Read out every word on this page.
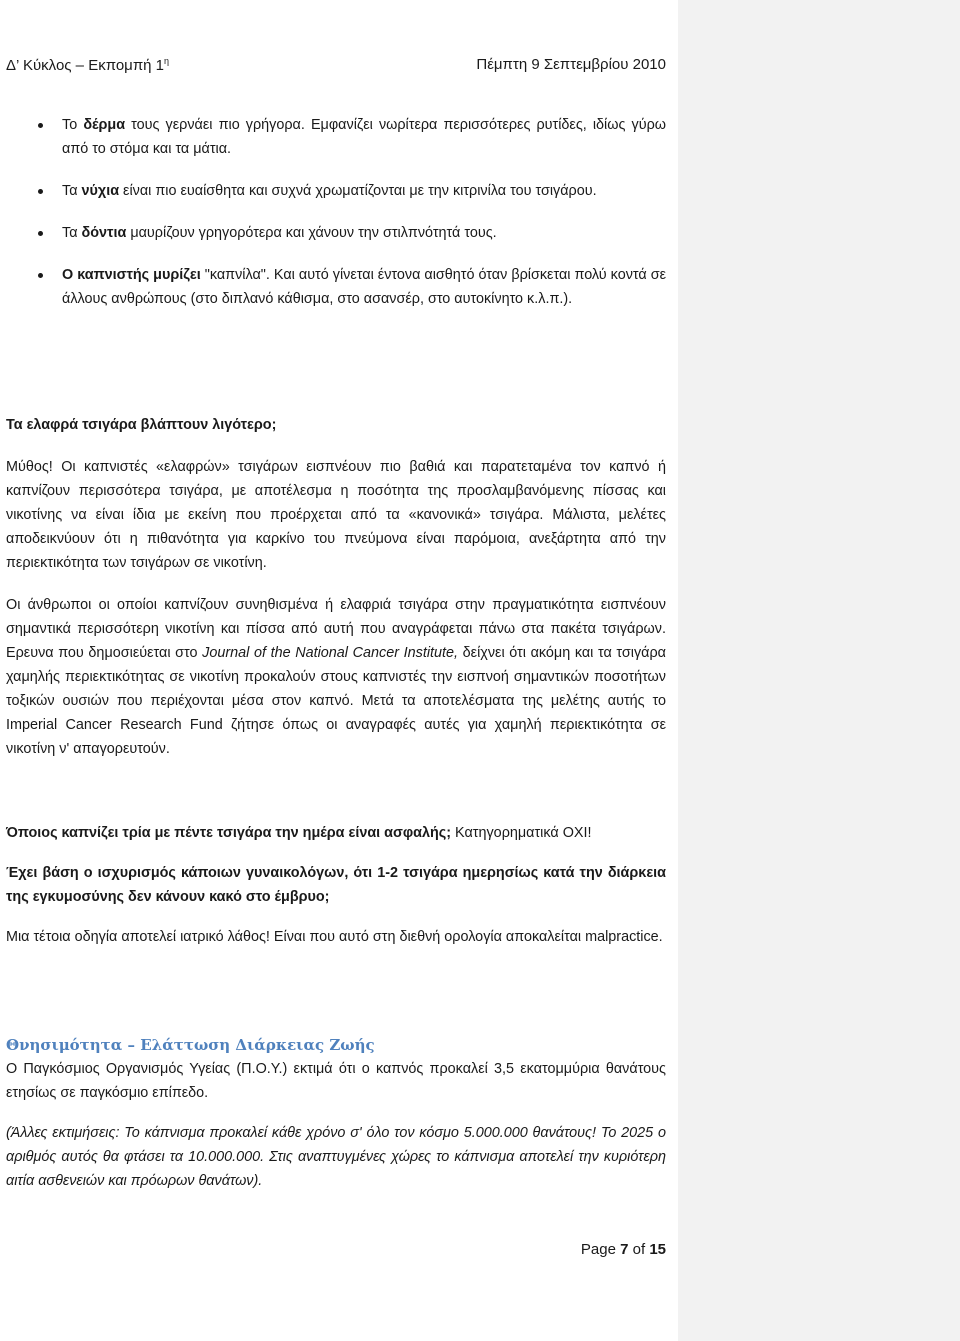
Δ’ Κύκλος – Εκπομπή $1^\eta$	Πέμπτη 9 Σεπτεμβρίου 2010
Το δέρμα τους γερνάει πιο γρήγορα. Εμφανίζει νωρίτερα περισσότερες ρυτίδες, ιδίως γύρω από το στόμα και τα μάτια.
Τα νύχια είναι πιο ευαίσθητα και συχνά χρωματίζονται με την κιτρινίλα του τσιγάρου.
Τα δόντια μαυρίζουν γρηγορότερα και χάνουν την στιλπνότητά τους.
Ο καπνιστής μυρίζει "καπνίλα". Και αυτό γίνεται έντονα αισθητό όταν βρίσκεται πολύ κοντά σε άλλους ανθρώπους (στο διπλανό κάθισμα, στο ασανσέρ, στο αυτοκίνητο κ.λ.π.).

Τα ελαφρά τσιγάρα βλάπτουν λιγότερο;

Μύθος! Οι καπνιστές «ελαφρών» τσιγάρων εισπνέουν πιο βαθιά και παρατεταμένα τον καπνό ή καπνίζουν περισσότερα τσιγάρα, με αποτέλεσμα η ποσότητα της προσλαμβανόμενης πίσσας και νικοτίνης να είναι ίδια με εκείνη που προέρχεται από τα «κανονικά» τσιγάρα. Μάλιστα, μελέτες αποδεικνύουν ότι η πιθανότητα για καρκίνο του πνεύμονα είναι παρόμοια, ανεξάρτητα από την περιεκτικότητα των τσιγάρων σε νικοτίνη.

Οι άνθρωποι οι οποίοι καπνίζουν συνηθισμένα ή ελαφριά τσιγάρα στην πραγματικότητα εισπνέουν σημαντικά περισσότερη νικοτίνη και πίσσα από αυτή που αναγράφεται πάνω στα πακέτα τσιγάρων. Ερευνα που δημοσιεύεται στο Journal of the National Cancer Institute, δείχνει ότι ακόμη και τα τσιγάρα χαμηλής περιεκτικότητας σε νικοτίνη προκαλούν στους καπνιστές την εισπνοή σημαντικών ποσοτήτων τοξικών ουσιών που περιέχονται μέσα στον καπνό. Μετά τα αποτελέσματα της μελέτης αυτής το Imperial Cancer Research Fund ζήτησε όπως οι αναγραφές αυτές για χαμηλή περιεκτικότητα σε νικοτίνη ν' απαγορευτούν.

Όποιος καπνίζει τρία με πέντε τσιγάρα την ημέρα είναι ασφαλής; Κατηγορηματικά ΟΧΙ!

Έχει βάση ο ισχυρισμός κάποιων γυναικολόγων, ότι 1-2 τσιγάρα ημερησίως κατά την διάρκεια της εγκυμοσύνης δεν κάνουν κακό στο έμβρυο;

Μια τέτοια οδηγία αποτελεί ιατρικό λάθος! Είναι που αυτό στη διεθνή ορολογία αποκαλείται malpractice.

Θνησιμότητα – Ελάττωση Διάρκειας Ζωής

Ο Παγκόσμιος Οργανισμός Υγείας (Π.Ο.Υ.) εκτιμά ότι ο καπνός προκαλεί 3,5 εκατομμύρια θανάτους ετησίως σε παγκόσμιο επίπεδο.

(Άλλες εκτιμήσεις: Το κάπνισμα προκαλεί κάθε χρόνο σ' όλο τον κόσμο 5.000.000 θανάτους! Το 2025 ο αριθμός αυτός θα φτάσει τα 10.000.000. Στις αναπτυγμένες χώρες το κάπνισμα αποτελεί την κυριότερη αιτία ασθενειών και πρόωρων θανάτων).

Page 7 of 15
